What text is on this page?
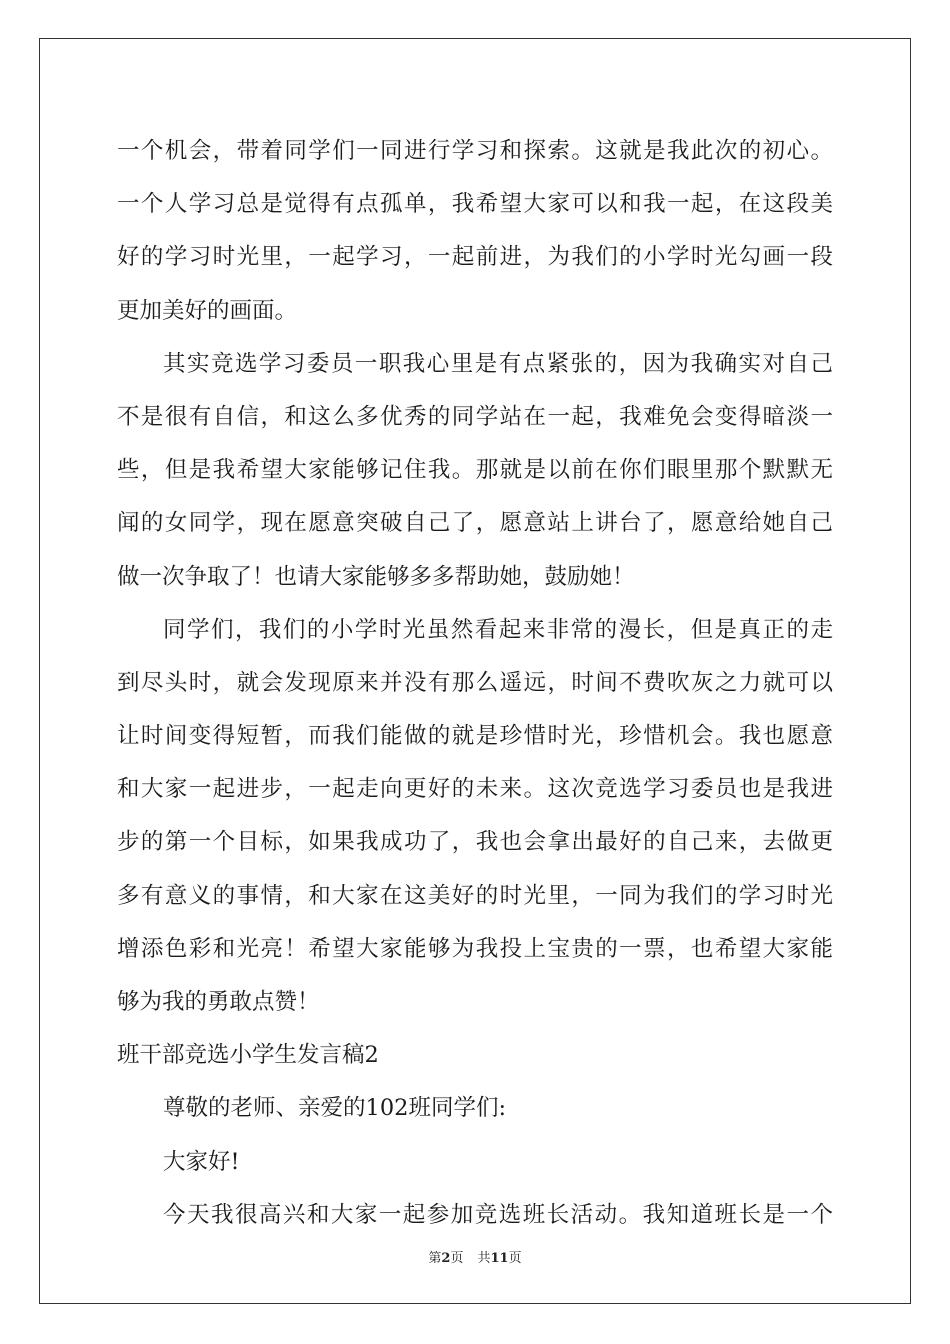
一个机会，带着同学们一同进行学习和探索。这就是我此次的初心。
一个人学习总是觉得有点孤单，我希望大家可以和我一起，在这段美
好的学习时光里，一起学习，一起前进，为我们的小学时光勾画一段
更加美好的画面。
其实竞选学习委员一职我心里是有点紧张的，因为我确实对自己
不是很有自信，和这么多优秀的同学站在一起，我难免会变得暗淡一
些，但是我希望大家能够记住我。那就是以前在你们眼里那个默默无
闻的女同学，现在愿意突破自己了，愿意站上讲台了，愿意给她自己
做一次争取了！也请大家能够多多帮助她，鼓励她！
同学们，我们的小学时光虽然看起来非常的漫长，但是真正的走
到尽头时，就会发现原来并没有那么遥远，时间不费吹灰之力就可以
让时间变得短暂，而我们能做的就是珍惜时光，珍惜机会。我也愿意
和大家一起进步，一起走向更好的未来。这次竞选学习委员也是我进
步的第一个目标，如果我成功了，我也会拿出最好的自己来，去做更
多有意义的事情，和大家在这美好的时光里，一同为我们的学习时光
增添色彩和光亮！希望大家能够为我投上宝贵的一票，也希望大家能
够为我的勇敢点赞！
班干部竞选小学生发言稿2
尊敬的老师、亲爱的102班同学们:
大家好!
今天我很高兴和大家一起参加竞选班长活动。我知道班长是一个
第2页 共11页
